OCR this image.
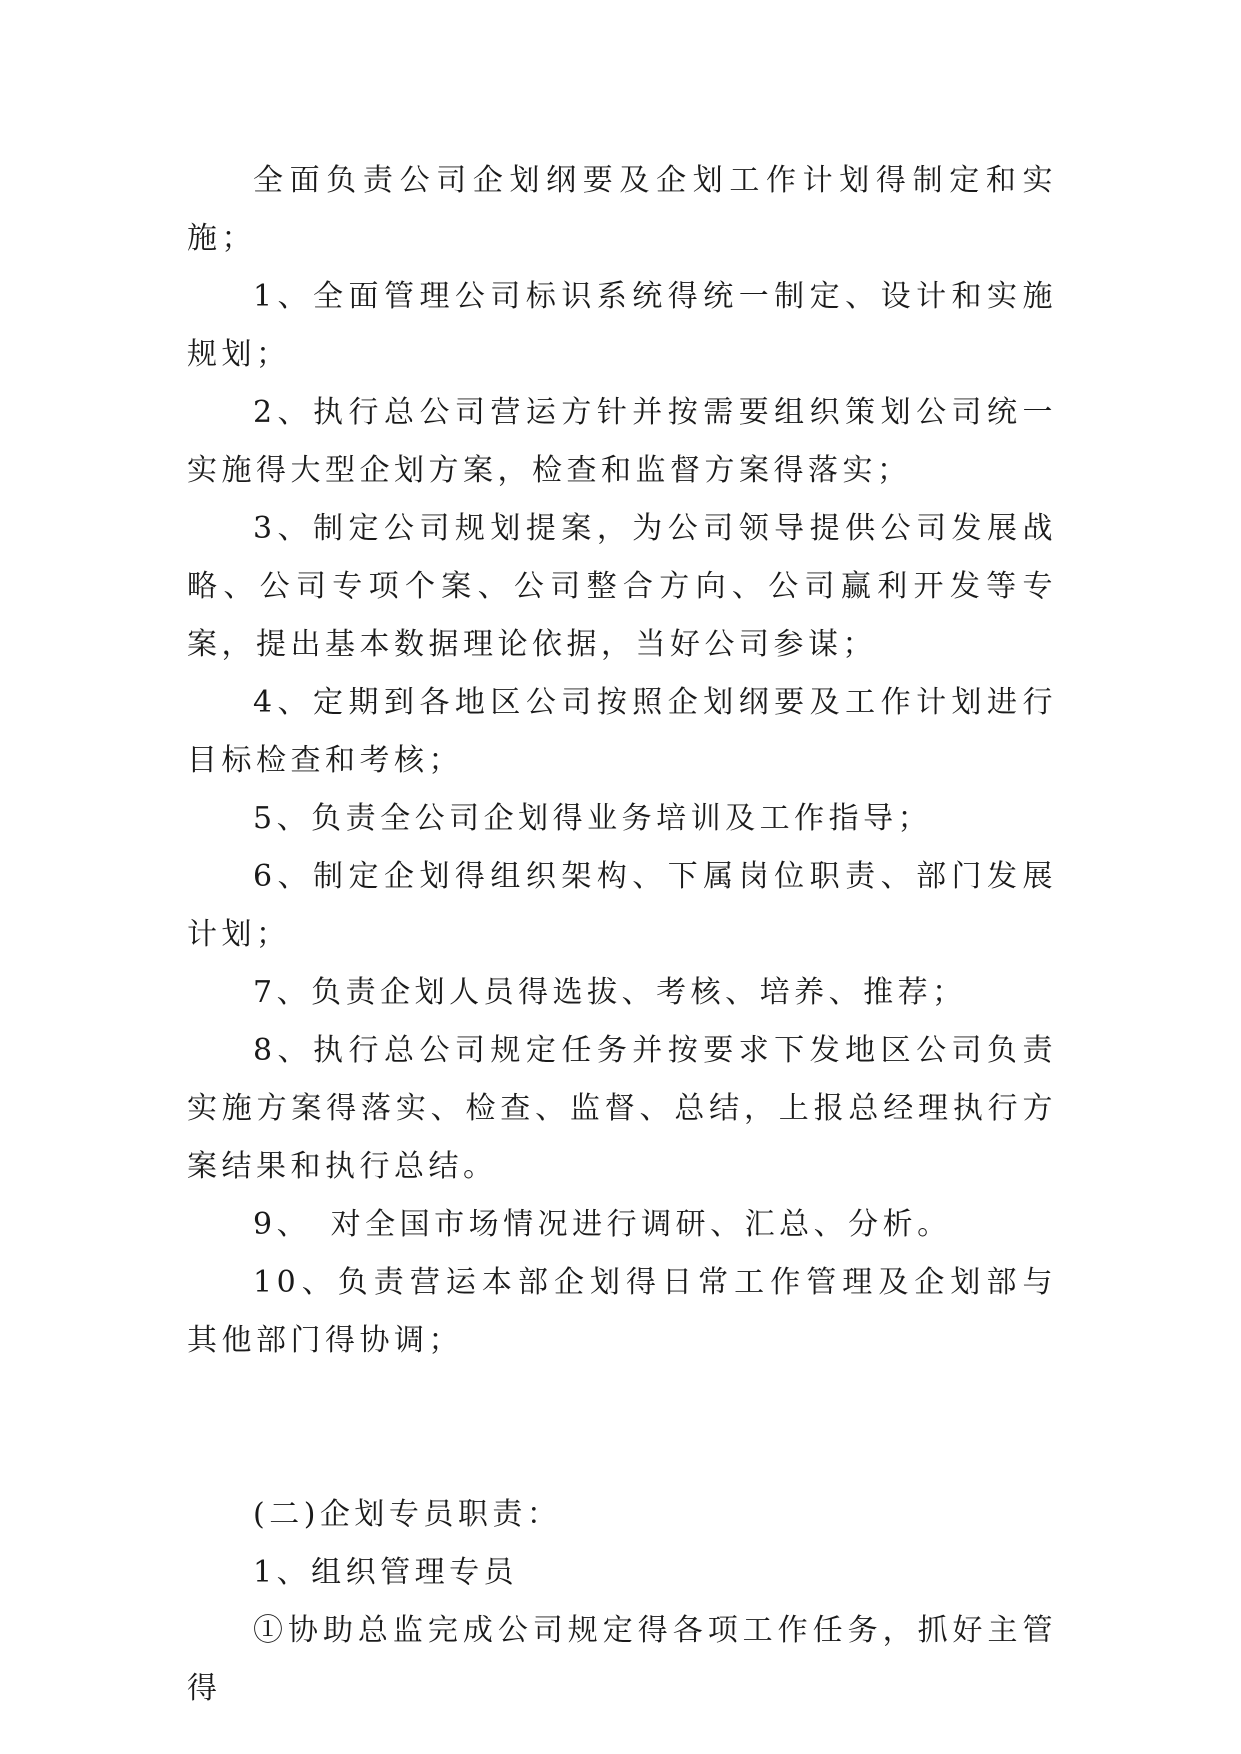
全面负责公司企划纲要及企划工作计划得制定和实施；

1、全面管理公司标识系统得统一制定、设计和实施规划；

2、执行总公司营运方针并按需要组织策划公司统一实施得大型企划方案，检查和监督方案得落实；

3、制定公司规划提案，为公司领导提供公司发展战略、公司专项个案、公司整合方向、公司赢利开发等专案，提出基本数据理论依据，当好公司参谋；

4、定期到各地区公司按照企划纲要及工作计划进行目标检查和考核；

5、负责全公司企划得业务培训及工作指导；

6、制定企划得组织架构、下属岗位职责、部门发展计划；

7、负责企划人员得选拔、考核、培养、推荐；

8、执行总公司规定任务并按要求下发地区公司负责实施方案得落实、检查、监督、总结，上报总经理执行方案结果和执行总结。

9、　对全国市场情况进行调研、汇总、分析。

10、负责营运本部企划得日常工作管理及企划部与其他部门得协调；

(二)企划专员职责：

1、组织管理专员

①协助总监完成公司规定得各项工作任务，抓好主管得
